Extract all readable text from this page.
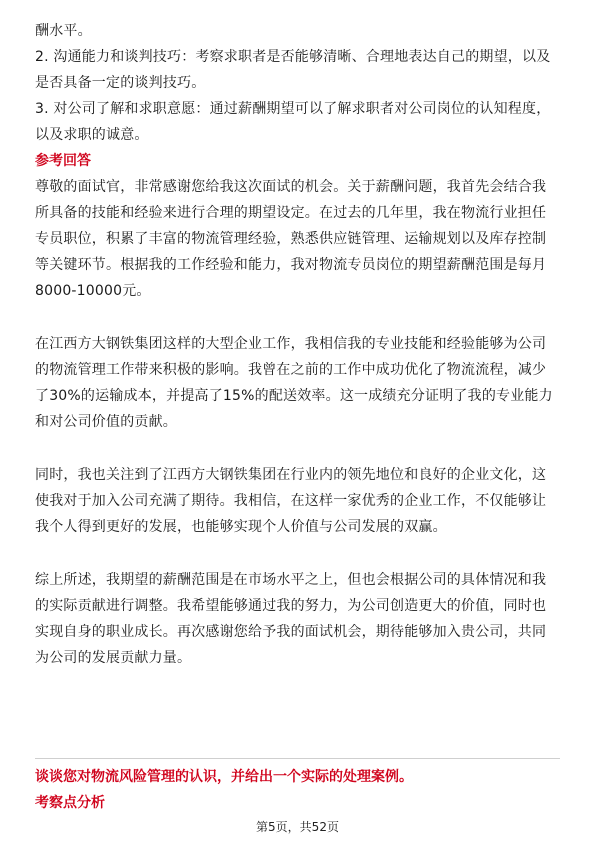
酬水平。
2. 沟通能力和谈判技巧：考察求职者是否能够清晰、合理地表达自己的期望，以及
是否具备一定的谈判技巧。
3. 对公司了解和求职意愿：通过薪酬期望可以了解求职者对公司岗位的认知程度，
以及求职的诚意。
参考回答
尊敬的面试官，非常感谢您给我这次面试的机会。关于薪酬问题，我首先会结合我
所具备的技能和经验来进行合理的期望设定。在过去的几年里，我在物流行业担任
专员职位，积累了丰富的物流管理经验，熟悉供应链管理、运输规划以及库存控制
等关键环节。根据我的工作经验和能力，我对物流专员岗位的期望薪酬范围是每月
8000-10000元。
在江西方大钢铁集团这样的大型企业工作，我相信我的专业技能和经验能够为公司
的物流管理工作带来积极的影响。我曾在之前的工作中成功优化了物流流程，减少
了30%的运输成本，并提高了15%的配送效率。这一成绩充分证明了我的专业能力
和对公司价值的贡献。
同时，我也关注到了江西方大钢铁集团在行业内的领先地位和良好的企业文化，这
使我对于加入公司充满了期待。我相信，在这样一家优秀的企业工作，不仅能够让
我个人得到更好的发展，也能够实现个人价值与公司发展的双赢。
综上所述，我期望的薪酬范围是在市场水平之上，但也会根据公司的具体情况和我
的实际贡献进行调整。我希望能够通过我的努力，为公司创造更大的价值，同时也
实现自身的职业成长。再次感谢您给予我的面试机会，期待能够加入贵公司，共同
为公司的发展贡献力量。
谈谈您对物流风险管理的认识，并给出一个实际的处理案例。
考察点分析
第5页，共52页
